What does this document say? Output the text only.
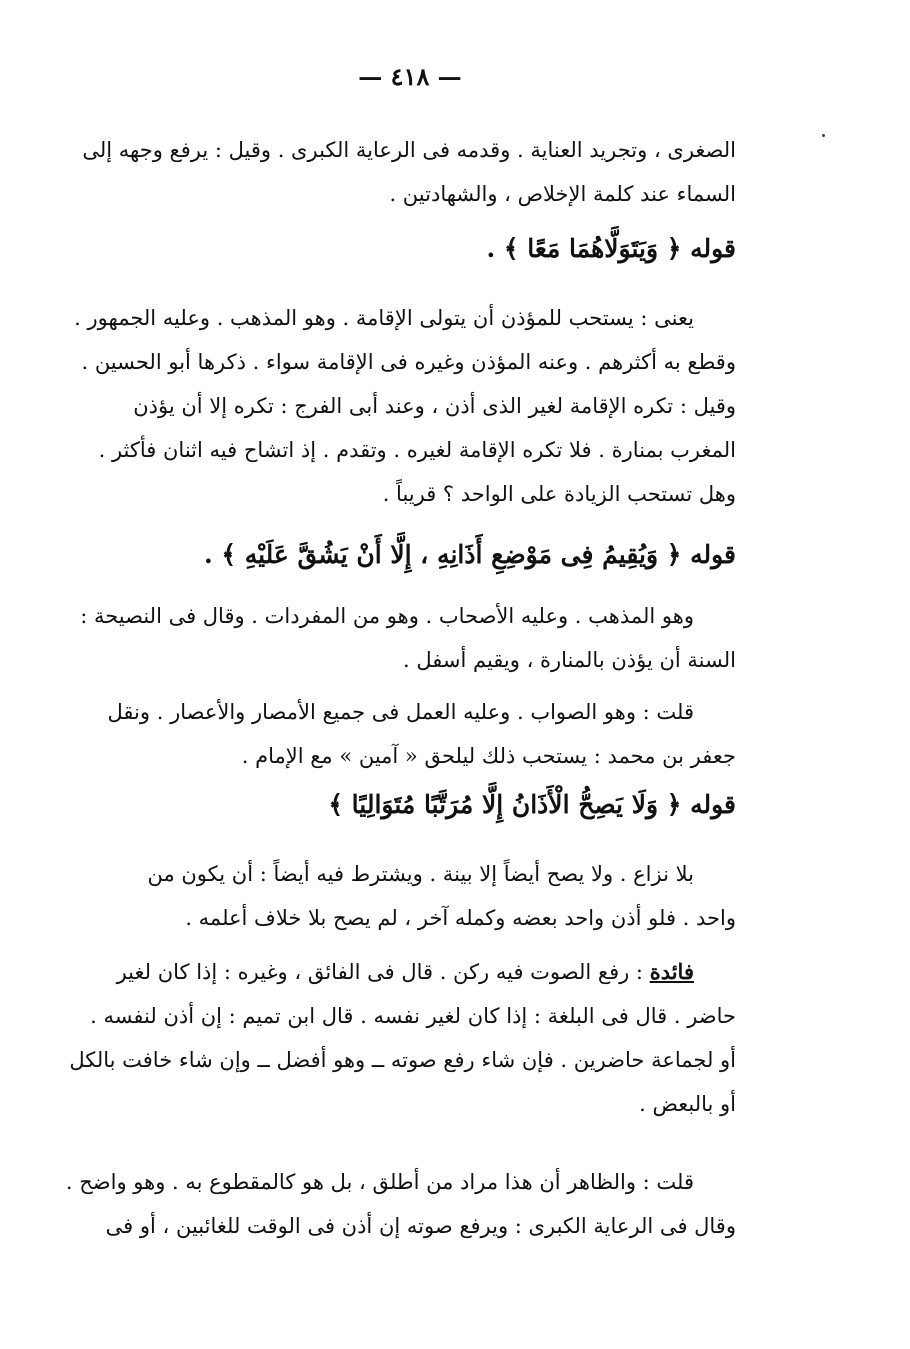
— ٤١٨ —
الصغرى ، وتجريد العناية . وقدمه فى الرعاية الكبرى . وقيل : يرفع وجهه إلى
السماء عند كلمة الإخلاص ، والشهادتين .
قوله ﴿ وَيَتَوَلَّاهُمَا مَعًا ﴾ .
يعنى : يستحب للمؤذن أن يتولى الإقامة . وهو المذهب . وعليه الجمهور .
وقطع به أكثرهم . وعنه المؤذن وغيره فى الإقامة سواء . ذكرها أبو الحسين .
وقيل : تكره الإقامة لغير الذى أذن ، وعند أبى الفرج : تكره إلا أن يؤذن
المغرب بمنارة . فلا تكره الإقامة لغيره . وتقدم . إذ اتشاح فيه اثنان فأكثر .
وهل تستحب الزيادة على الواحد ؟ قريباً .
قوله ﴿ وَيُقِيمُ فِى مَوْضِعِ أَذَانِهِ ، إِلَّا أَنْ يَشُقَّ عَلَيْهِ ﴾ .
وهو المذهب . وعليه الأصحاب . وهو من المفردات . وقال فى النصيحة :
السنة أن يؤذن بالمنارة ، ويقيم أسفل .
قلت : وهو الصواب . وعليه العمل فى جميع الأمصار والأعصار . ونقل
جعفر بن محمد : يستحب ذلك ليلحق « آمين » مع الإمام .
قوله ﴿ وَلَا يَصِحُّ الْأَذَانُ إِلَّا مُرَتَّبًا مُتَوَالِيًا ﴾
بلا نزاع . ولا يصح أيضاً إلا بينة . ويشترط فيه أيضاً : أن يكون من
واحد . فلو أذن واحد بعضه وكمله آخر ، لم يصح بلا خلاف أعلمه .
فائدة : رفع الصوت فيه ركن . قال فى الفائق ، وغيره : إذا كان لغير
حاضر . قال فى البلغة : إذا كان لغير نفسه . قال ابن تميم : إن أذن لنفسه .
أو لجماعة حاضرين . فإن شاء رفع صوته ــ وهو أفضل ــ وإن شاء خافت بالكل
أو بالبعض .
قلت : والظاهر أن هذا مراد من أطلق ، بل هو كالمقطوع به . وهو واضح .
وقال فى الرعاية الكبرى : ويرفع صوته إن أذن فى الوقت للغائبين ، أو فى
